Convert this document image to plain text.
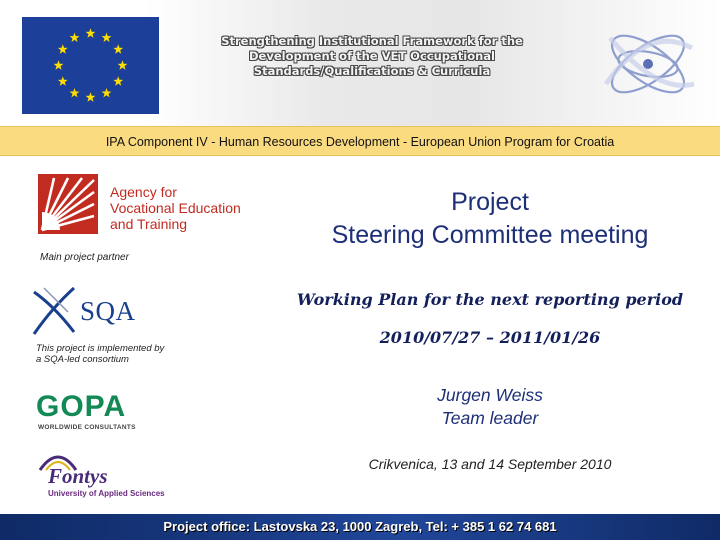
Strengthening Institutional Framework for the
Development of the VET Occupational
Standards/Qualifications & Curricula
IPA Component IV - Human Resources Development - European Union Program for Croatia
Agency for
Vocational Education
and Training
Main project partner
SQA
This project is implemented by
a SQA-led consortium
GOPA
WORLDWIDE CONSULTANTS
Fontys
University of Applied Sciences
Project
Steering Committee meeting
Working Plan for the next reporting period
2010/07/27 – 2011/01/26
Jurgen Weiss
Team leader
Crikvenica, 13 and 14 September 2010
Project office: Lastovska 23, 1000 Zagreb, Tel: + 385 1 62 74 681
